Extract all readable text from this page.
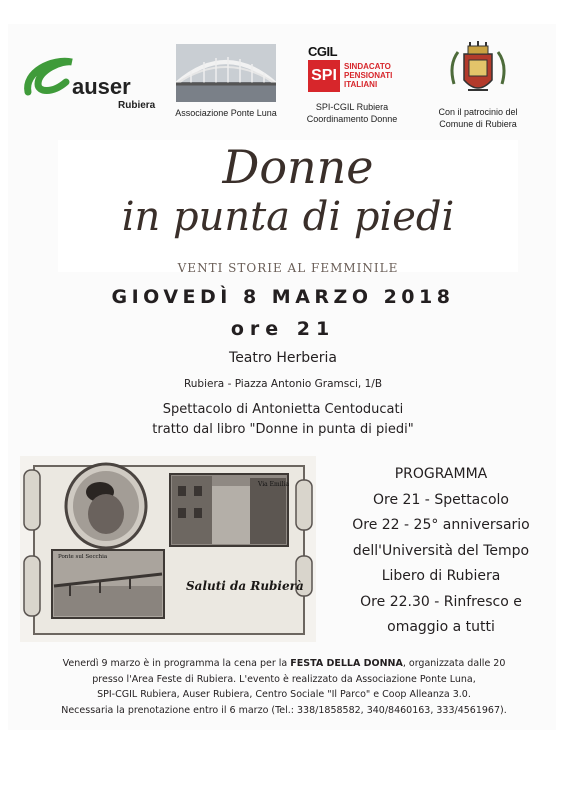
auser
Rubiera
Associazione Ponte Luna
CGIL
SPI
SINDACATO
PENSIONATI
ITALIANI
SPI-CGIL Rubiera
Coordinamento Donne
Con il patrocinio del
Comune di Rubiera
Donne
in punta di piedi
VENTI STORIE AL FEMMINILE
GIOVEDÌ 8 MARZO 2018
ore 21
Teatro Herberia
Rubiera - Piazza Antonio Gramsci, 1/B
Spettacolo di Antonietta Centoducati
tratto dal libro "Donne in punta di piedi"
Via Emilia
Ponte sul Secchia
Saluti da Rubierà
PROGRAMMA
Ore 21 - Spettacolo
Ore 22 - 25° anniversario
dell'Università del Tempo
Libero di Rubiera
Ore 22.30 - Rinfresco e
omaggio a tutti
Venerdì 9 marzo è in programma la cena per la FESTA DELLA DONNA, organizzata dalle 20
presso l'Area Feste di Rubiera. L'evento è realizzato da Associazione Ponte Luna,
SPI-CGIL Rubiera, Auser Rubiera, Centro Sociale "Il Parco" e Coop Alleanza 3.0.
Necessaria la prenotazione entro il 6 marzo (Tel.: 338/1858582, 340/8460163, 333/4561967).
